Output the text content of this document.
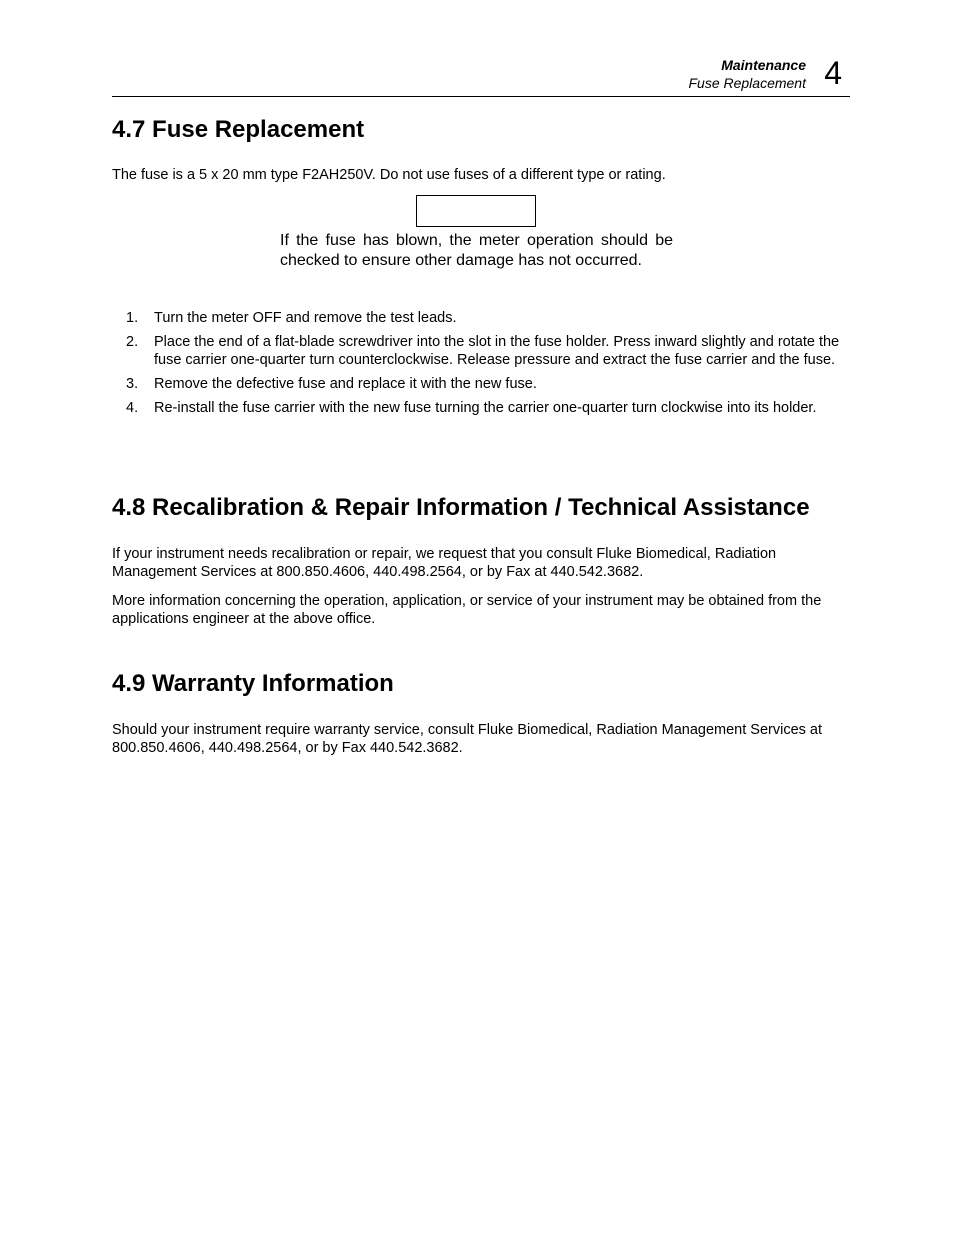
Maintenance
Fuse Replacement 4
4.7 Fuse Replacement

The fuse is a 5 x 20 mm type F2AH250V. Do not use fuses of a different type or rating.

If the fuse has blown, the meter operation should be checked to ensure other damage has not occurred.

1. Turn the meter OFF and remove the test leads.
2. Place the end of a flat-blade screwdriver into the slot in the fuse holder. Press inward slightly and rotate the fuse carrier one-quarter turn counterclockwise. Release pressure and extract the fuse carrier and the fuse.
3. Remove the defective fuse and replace it with the new fuse.
4. Re-install the fuse carrier with the new fuse turning the carrier one-quarter turn clockwise into its holder.
4.8 Recalibration & Repair Information / Technical Assistance

If your instrument needs recalibration or repair, we request that you consult Fluke Biomedical, Radiation Management Services at 800.850.4606, 440.498.2564, or by Fax at 440.542.3682.

More information concerning the operation, application, or service of your instrument may be obtained from the applications engineer at the above office.

4.9 Warranty Information

Should your instrument require warranty service, consult Fluke Biomedical, Radiation Management Services at 800.850.4606, 440.498.2564, or by Fax 440.542.3682.
